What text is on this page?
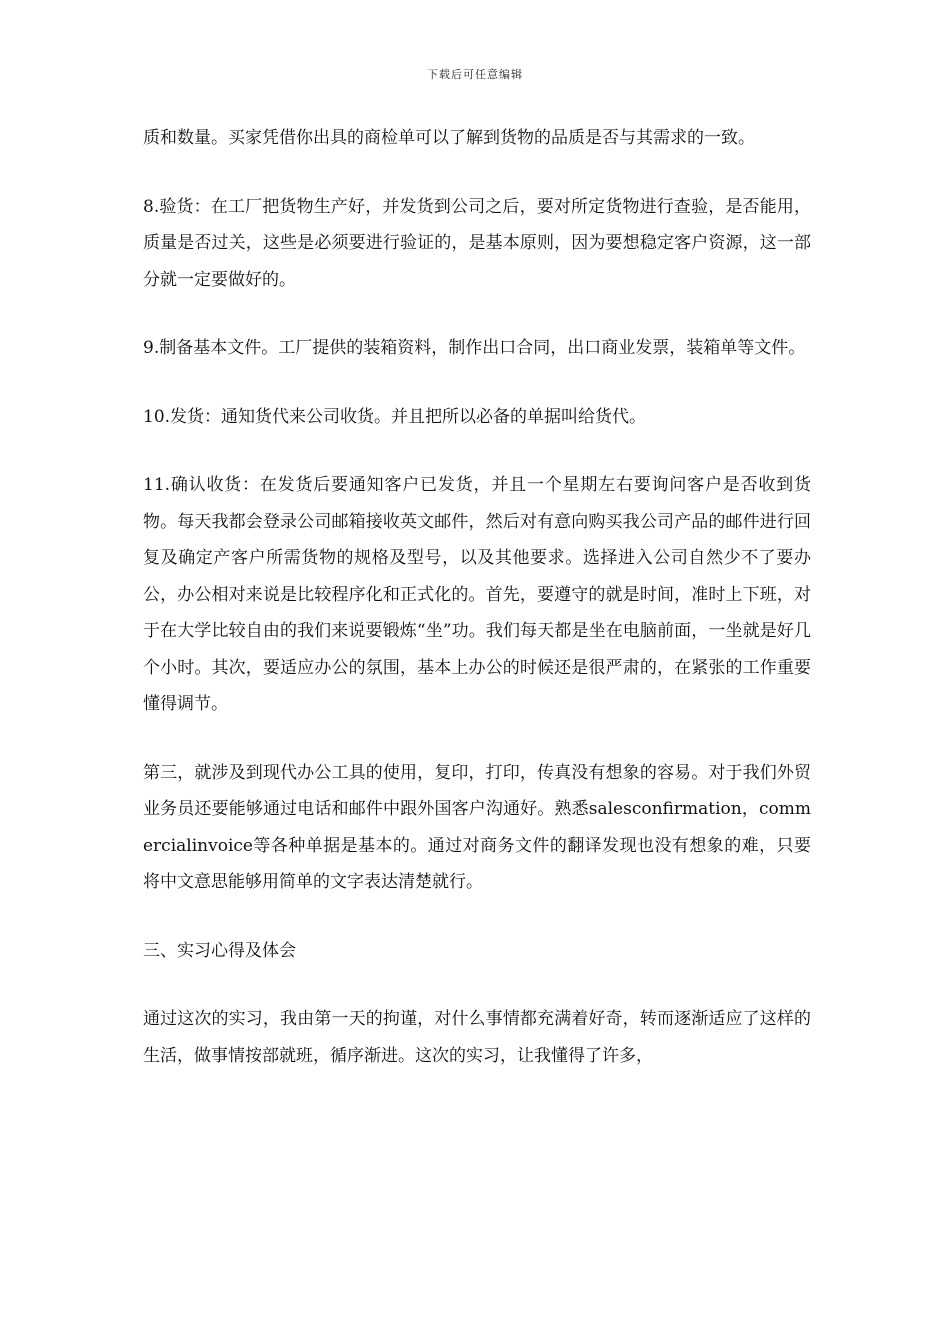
下载后可任意编辑

质和数量。买家凭借你出具的商检单可以了解到货物的品质是否与其需求的一致。

8.验货：在工厂把货物生产好，并发货到公司之后，要对所定货物进行查验，是否能用，质量是否过关，这些是必须要进行验证的，是基本原则，因为要想稳定客户资源，这一部分就一定要做好的。

9.制备基本文件。工厂提供的装箱资料，制作出口合同，出口商业发票，装箱单等文件。

10.发货：通知货代来公司收货。并且把所以必备的单据叫给货代。

11.确认收货：在发货后要通知客户已发货，并且一个星期左右要询问客户是否收到货物。每天我都会登录公司邮箱接收英文邮件，然后对有意向购买我公司产品的邮件进行回复及确定产客户所需货物的规格及型号，以及其他要求。选择进入公司自然少不了要办公，办公相对来说是比较程序化和正式化的。首先，要遵守的就是时间，准时上下班，对于在大学比较自由的我们来说要锻炼“坐”功。我们每天都是坐在电脑前面，一坐就是好几个小时。其次，要适应办公的氛围，基本上办公的时候还是很严肃的，在紧张的工作重要懂得调节。

第三，就涉及到现代办公工具的使用，复印，打印，传真没有想象的容易。对于我们外贸业务员还要能够通过电话和邮件中跟外国客户沟通好。熟悉salesconfirmation，commercialinvoice等各种单据是基本的。通过对商务文件的翻译发现也没有想象的难，只要将中文意思能够用简单的文字表达清楚就行。

三、实习心得及体会

通过这次的实习，我由第一天的拘谨，对什么事情都充满着好奇，转而逐渐适应了这样的生活，做事情按部就班，循序渐进。这次的实习，让我懂得了许多，
